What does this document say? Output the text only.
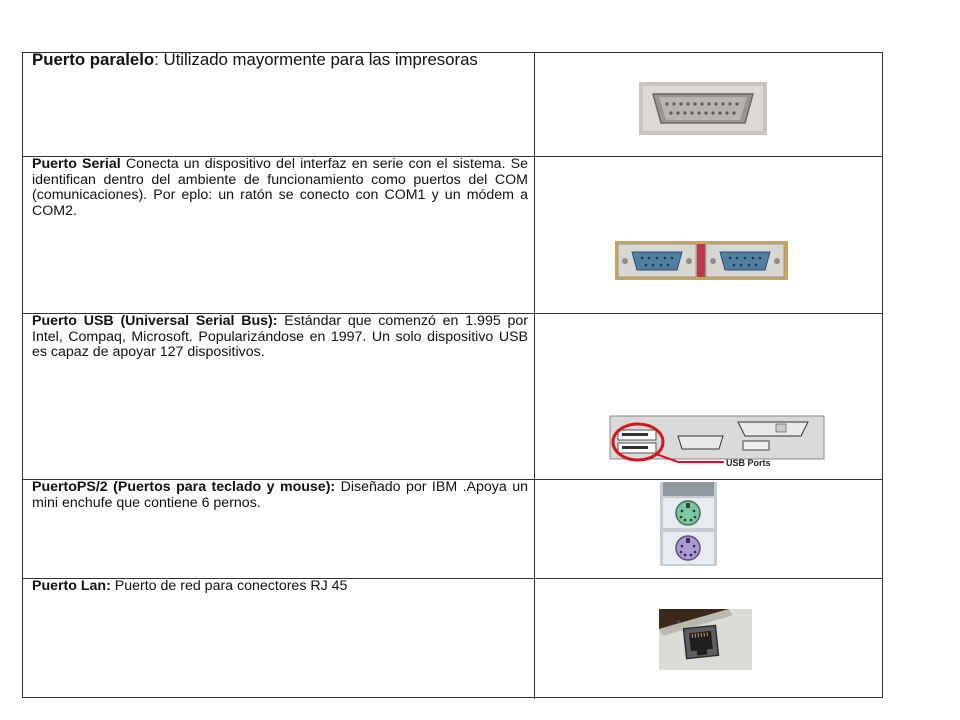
Puerto paralelo: Utilizado mayormente para las impresoras

Puerto Serial Conecta un dispositivo del interfaz en serie con el sistema. Se identifican dentro del ambiente de funcionamiento como puertos del COM (comunicaciones). Por eplo: un ratón se conecto con COM1 y un módem a COM2.

Puerto USB (Universal Serial Bus): Estándar que comenzó en 1.995 por Intel, Compaq, Microsoft. Popularizándose en 1997. Un solo dispositivo USB es capaz de apoyar 127 dispositivos.

USB Ports

PuertoPS/2 (Puertos para teclado y mouse): Diseñado por IBM .Apoya un mini enchufe que contiene 6 pernos.

Puerto Lan: Puerto de red para conectores RJ 45
